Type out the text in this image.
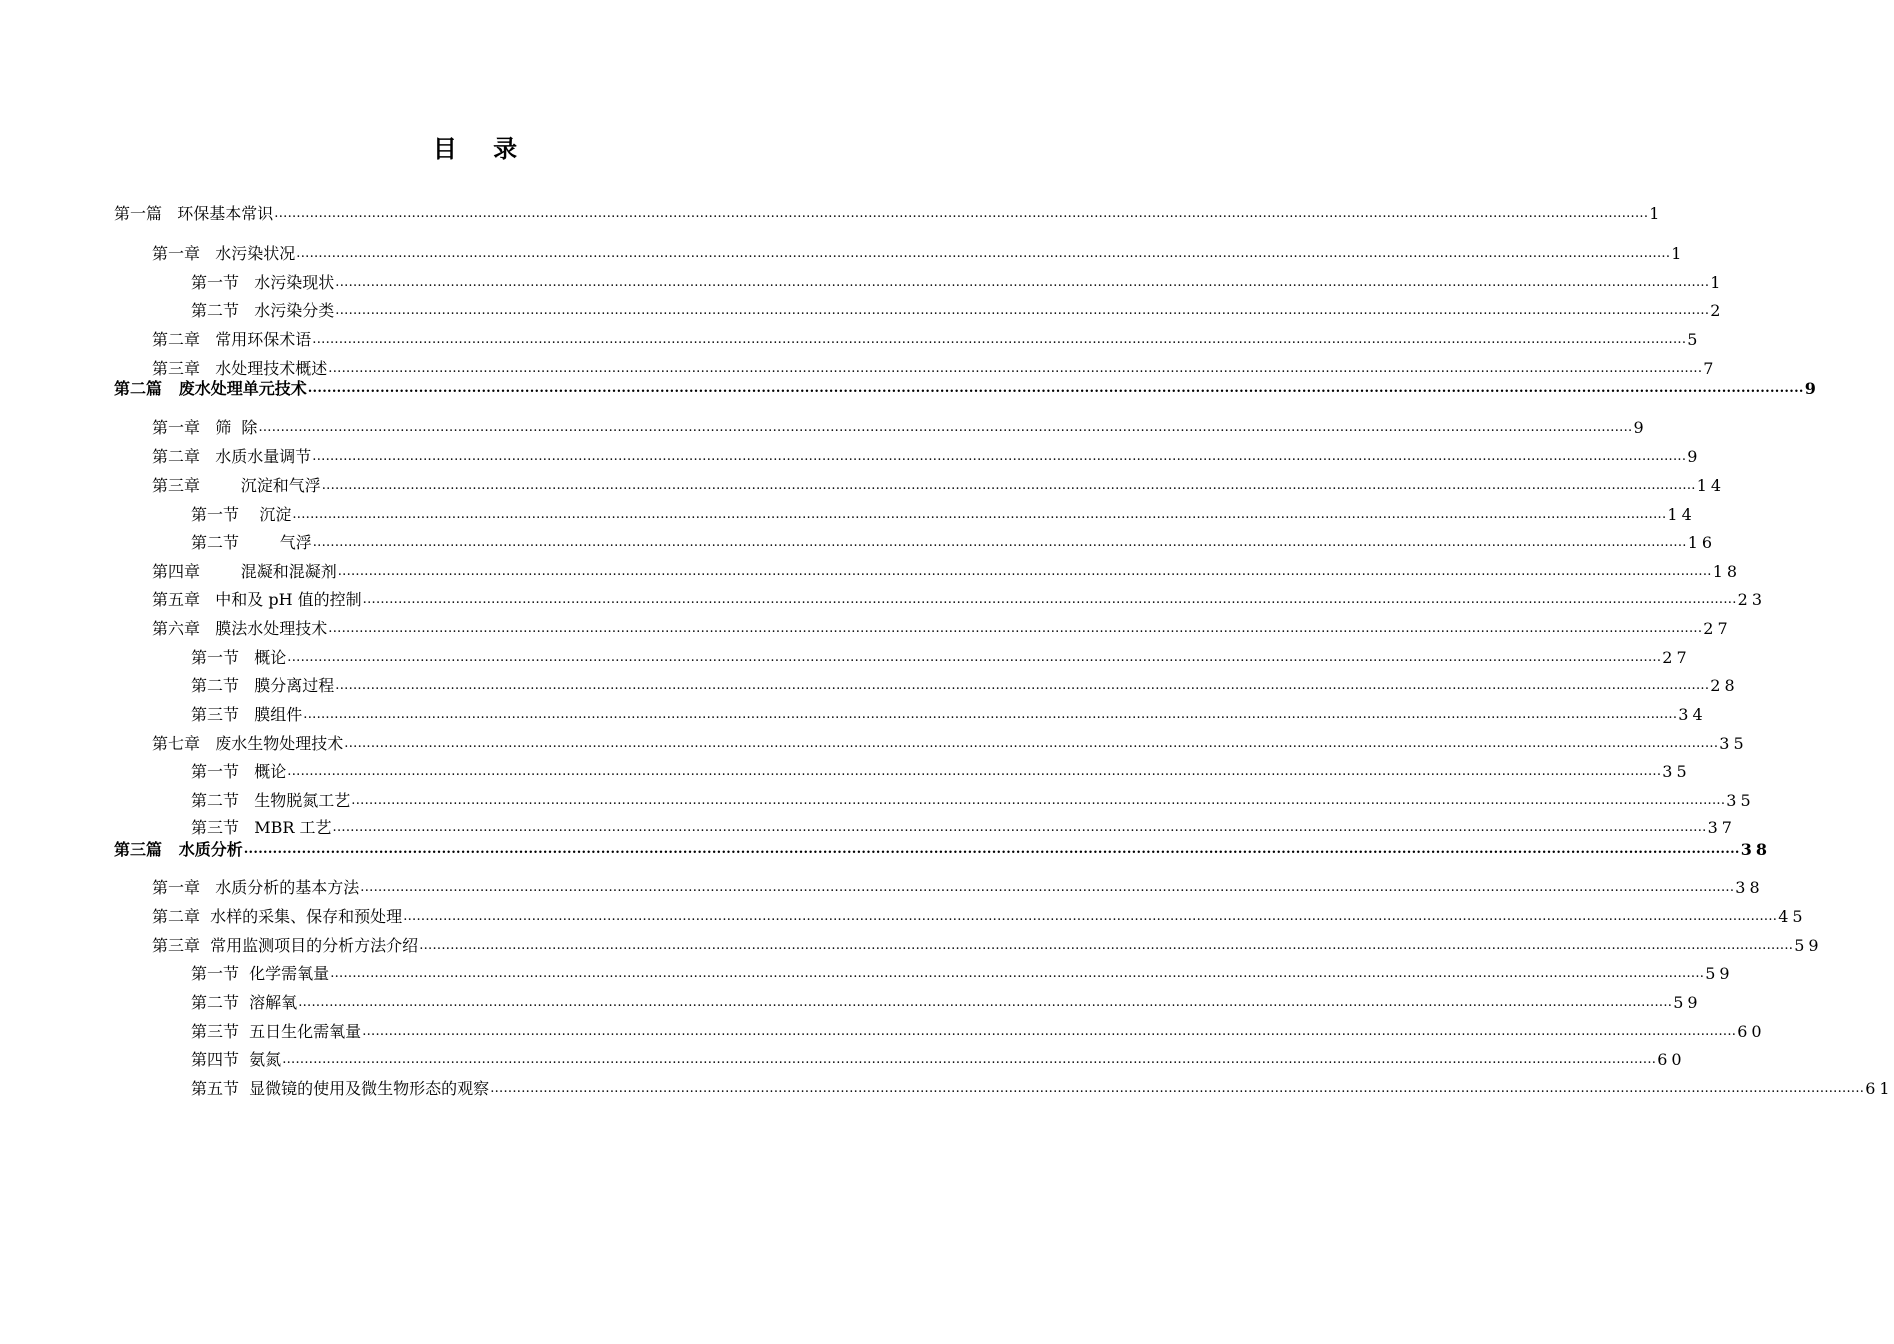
目 录
第一篇   环保基本常识 ...................................................................................................................................................................................................................................................................................................................... 1
第一章   水污染状况 ...................................................................................................................................................................................................................................................................................................................... 1
第一节   水污染现状 ...................................................................................................................................................................................................................................................................................................................... 1
第二节   水污染分类 ...................................................................................................................................................................................................................................................................................................................... 2
第二章   常用环保术语 ...................................................................................................................................................................................................................................................................................................................... 5
第三章   水处理技术概述 ...................................................................................................................................................................................................................................................................................................................... 7
第二篇   废水处理单元技术 ...................................................................................................................................................................................................................................................................................................................... 9
第一章   筛  除 ...................................................................................................................................................................................................................................................................................................................... 9
第二章   水质水量调节 ...................................................................................................................................................................................................................................................................................................................... 9
第三章        沉淀和气浮 ...................................................................................................................................................................................................................................................................................................................... 14
第一节    沉淀 ...................................................................................................................................................................................................................................................................................................................... 14
第二节        气浮 ...................................................................................................................................................................................................................................................................................................................... 16
第四章        混凝和混凝剂 ...................................................................................................................................................................................................................................................................................................................... 18
第五章   中和及 pH 值的控制 ...................................................................................................................................................................................................................................................................................................................... 23
第六章   膜法水处理技术 ...................................................................................................................................................................................................................................................................................................................... 27
第一节   概论 ...................................................................................................................................................................................................................................................................................................................... 27
第二节   膜分离过程 ...................................................................................................................................................................................................................................................................................................................... 28
第三节   膜组件 ...................................................................................................................................................................................................................................................................................................................... 34
第七章   废水生物处理技术 ...................................................................................................................................................................................................................................................................................................................... 35
第一节   概论 ...................................................................................................................................................................................................................................................................................................................... 35
第二节   生物脱氮工艺 ...................................................................................................................................................................................................................................................................................................................... 35
第三节   MBR 工艺 ...................................................................................................................................................................................................................................................................................................................... 37
第三篇   水质分析 ...................................................................................................................................................................................................................................................................................................................... 38
第一章   水质分析的基本方法 ...................................................................................................................................................................................................................................................................................................................... 38
第二章  水样的采集、保存和预处理 ...................................................................................................................................................................................................................................................................................................................... 45
第三章  常用监测项目的分析方法介绍 ...................................................................................................................................................................................................................................................................................................................... 59
第一节  化学需氧量 ...................................................................................................................................................................................................................................................................................................................... 59
第二节  溶解氧 ...................................................................................................................................................................................................................................................................................................................... 59
第三节  五日生化需氧量 ...................................................................................................................................................................................................................................................................................................................... 60
第四节  氨氮 ...................................................................................................................................................................................................................................................................................................................... 60
第五节  显微镜的使用及微生物形态的观察 ...................................................................................................................................................................................................................................................................................................................... 61
